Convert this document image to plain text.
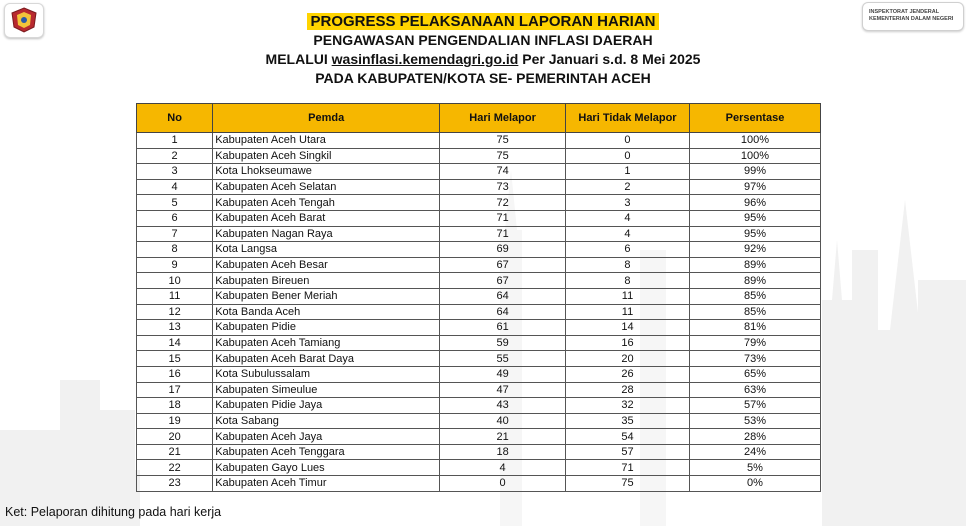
INSPEKTORAT JENDERAL
KEMENTERIAN DALAM NEGERI
PROGRESS PELAKSANAAN LAPORAN HARIAN
PENGAWASAN PENGENDALIAN INFLASI DAERAH
MELALUI wasinflasi.kemendagri.go.id Per Januari s.d. 8 Mei 2025
PADA KABUPATEN/KOTA SE- PEMERINTAH ACEH
No	Pemda	Hari Melapor	Hari Tidak Melapor	Persentase
1	Kabupaten Aceh Utara	75	0	100%
2	Kabupaten Aceh Singkil	75	0	100%
3	Kota Lhokseumawe	74	1	99%
4	Kabupaten Aceh Selatan	73	2	97%
5	Kabupaten Aceh Tengah	72	3	96%
6	Kabupaten Aceh Barat	71	4	95%
7	Kabupaten Nagan Raya	71	4	95%
8	Kota Langsa	69	6	92%
9	Kabupaten Aceh Besar	67	8	89%
10	Kabupaten Bireuen	67	8	89%
11	Kabupaten Bener Meriah	64	11	85%
12	Kota Banda Aceh	64	11	85%
13	Kabupaten Pidie	61	14	81%
14	Kabupaten Aceh Tamiang	59	16	79%
15	Kabupaten Aceh Barat Daya	55	20	73%
16	Kota Subulussalam	49	26	65%
17	Kabupaten Simeulue	47	28	63%
18	Kabupaten Pidie Jaya	43	32	57%
19	Kota Sabang	40	35	53%
20	Kabupaten Aceh Jaya	21	54	28%
21	Kabupaten Aceh Tenggara	18	57	24%
22	Kabupaten Gayo Lues	4	71	5%
23	Kabupaten Aceh Timur	0	75	0%
Ket: Pelaporan dihitung pada hari kerja
